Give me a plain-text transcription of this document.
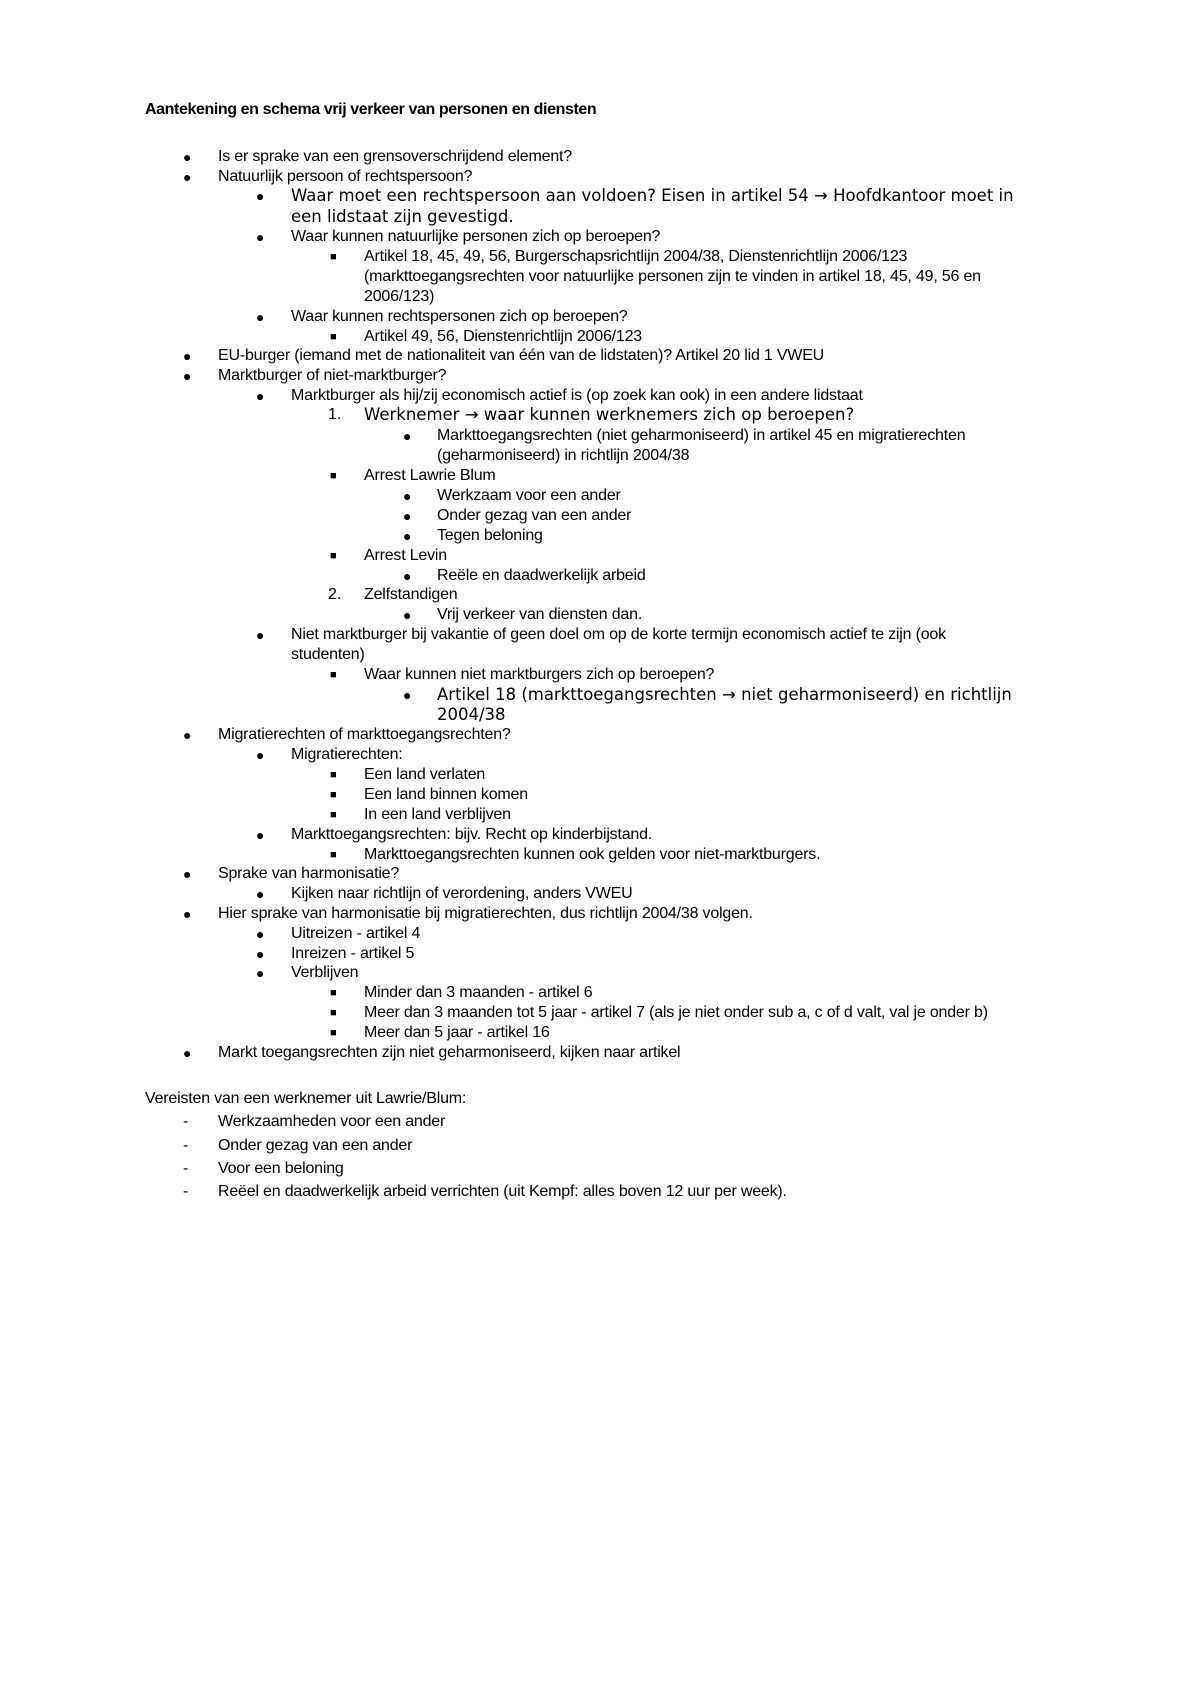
Aantekening en schema vrij verkeer van personen en diensten
● Is er sprake van een grensoverschrijdend element?
● Natuurlijk persoon of rechtspersoon?
● Waar moet een rechtspersoon aan voldoen? Eisen in artikel 54 → Hoofdkantoor moet in
een lidstaat zijn gevestigd.
● Waar kunnen natuurlijke personen zich op beroepen?
■ Artikel 18, 45, 49, 56, Burgerschapsrichtlijn 2004/38, Dienstenrichtlijn 2006/123
(markttoegangsrechten voor natuurlijke personen zijn te vinden in artikel 18, 45, 49, 56 en
2006/123)
● Waar kunnen rechtspersonen zich op beroepen?
■ Artikel 49, 56, Dienstenrichtlijn 2006/123
● EU-burger (iemand met de nationaliteit van één van de lidstaten)? Artikel 20 lid 1 VWEU
● Marktburger of niet-marktburger?
● Marktburger als hij/zij economisch actief is (op zoek kan ook) in een andere lidstaat
1. Werknemer → waar kunnen werknemers zich op beroepen?
● Markttoegangsrechten (niet geharmoniseerd) in artikel 45 en migratierechten
(geharmoniseerd) in richtlijn 2004/38
■ Arrest Lawrie Blum
● Werkzaam voor een ander
● Onder gezag van een ander
● Tegen beloning
■ Arrest Levin
● Reële en daadwerkelijk arbeid
2. Zelfstandigen
● Vrij verkeer van diensten dan.
● Niet marktburger bij vakantie of geen doel om op de korte termijn economisch actief te zijn (ook
studenten)
■ Waar kunnen niet marktburgers zich op beroepen?
● Artikel 18 (markttoegangsrechten → niet geharmoniseerd) en richtlijn
2004/38
● Migratierechten of markttoegangsrechten?
● Migratierechten:
■ Een land verlaten
■ Een land binnen komen
■ In een land verblijven
● Markttoegangsrechten: bijv. Recht op kinderbijstand.
■ Markttoegangsrechten kunnen ook gelden voor niet-marktburgers.
● Sprake van harmonisatie?
● Kijken naar richtlijn of verordening, anders VWEU
● Hier sprake van harmonisatie bij migratierechten, dus richtlijn 2004/38 volgen.
● Uitreizen - artikel 4
● Inreizen - artikel 5
● Verblijven
■ Minder dan 3 maanden - artikel 6
■ Meer dan 3 maanden tot 5 jaar - artikel 7 (als je niet onder sub a, c of d valt, val je onder b)
■ Meer dan 5 jaar - artikel 16
● Markt toegangsrechten zijn niet geharmoniseerd, kijken naar artikel
Vereisten van een werknemer uit Lawrie/Blum:
- Werkzaamheden voor een ander
- Onder gezag van een ander
- Voor een beloning
- Reëel en daadwerkelijk arbeid verrichten (uit Kempf: alles boven 12 uur per week).
